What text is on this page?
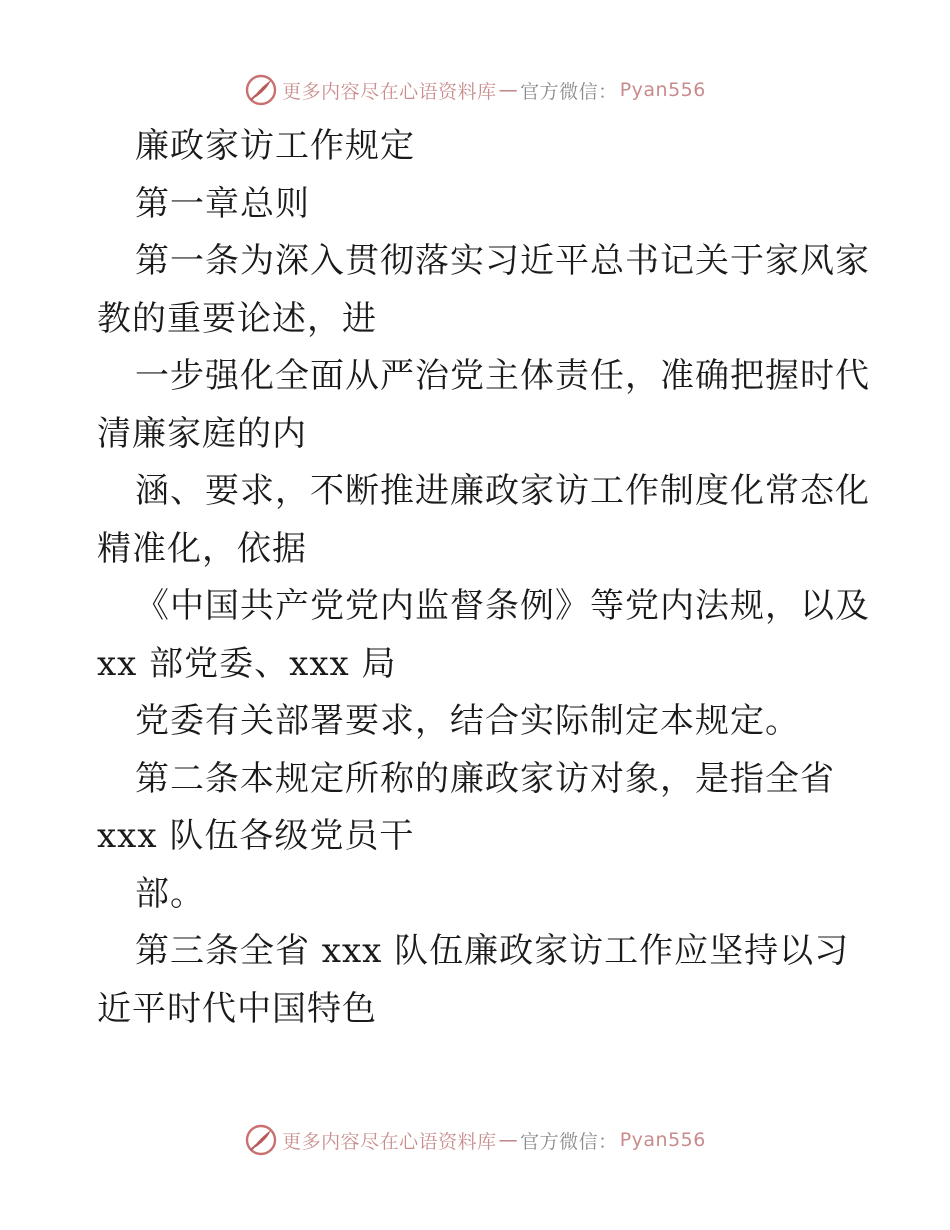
更多内容尽在心语资料库 — 官方微信： Pyan556
廉政家访工作规定
第一章总则
第一条为深入贯彻落实习近平总书记关于家风家
教的重要论述，进
一步强化全面从严治党主体责任，准确把握时代
清廉家庭的内
涵、要求，不断推进廉政家访工作制度化常态化
精准化，依据
《中国共产党党内监督条例》等党内法规，以及
xx 部党委、xxx 局
党委有关部署要求，结合实际制定本规定。
第二条本规定所称的廉政家访对象，是指全省
xxx 队伍各级党员干
部。
第三条全省 xxx 队伍廉政家访工作应坚持以习
近平时代中国特色
更多内容尽在心语资料库 — 官方微信： Pyan556
